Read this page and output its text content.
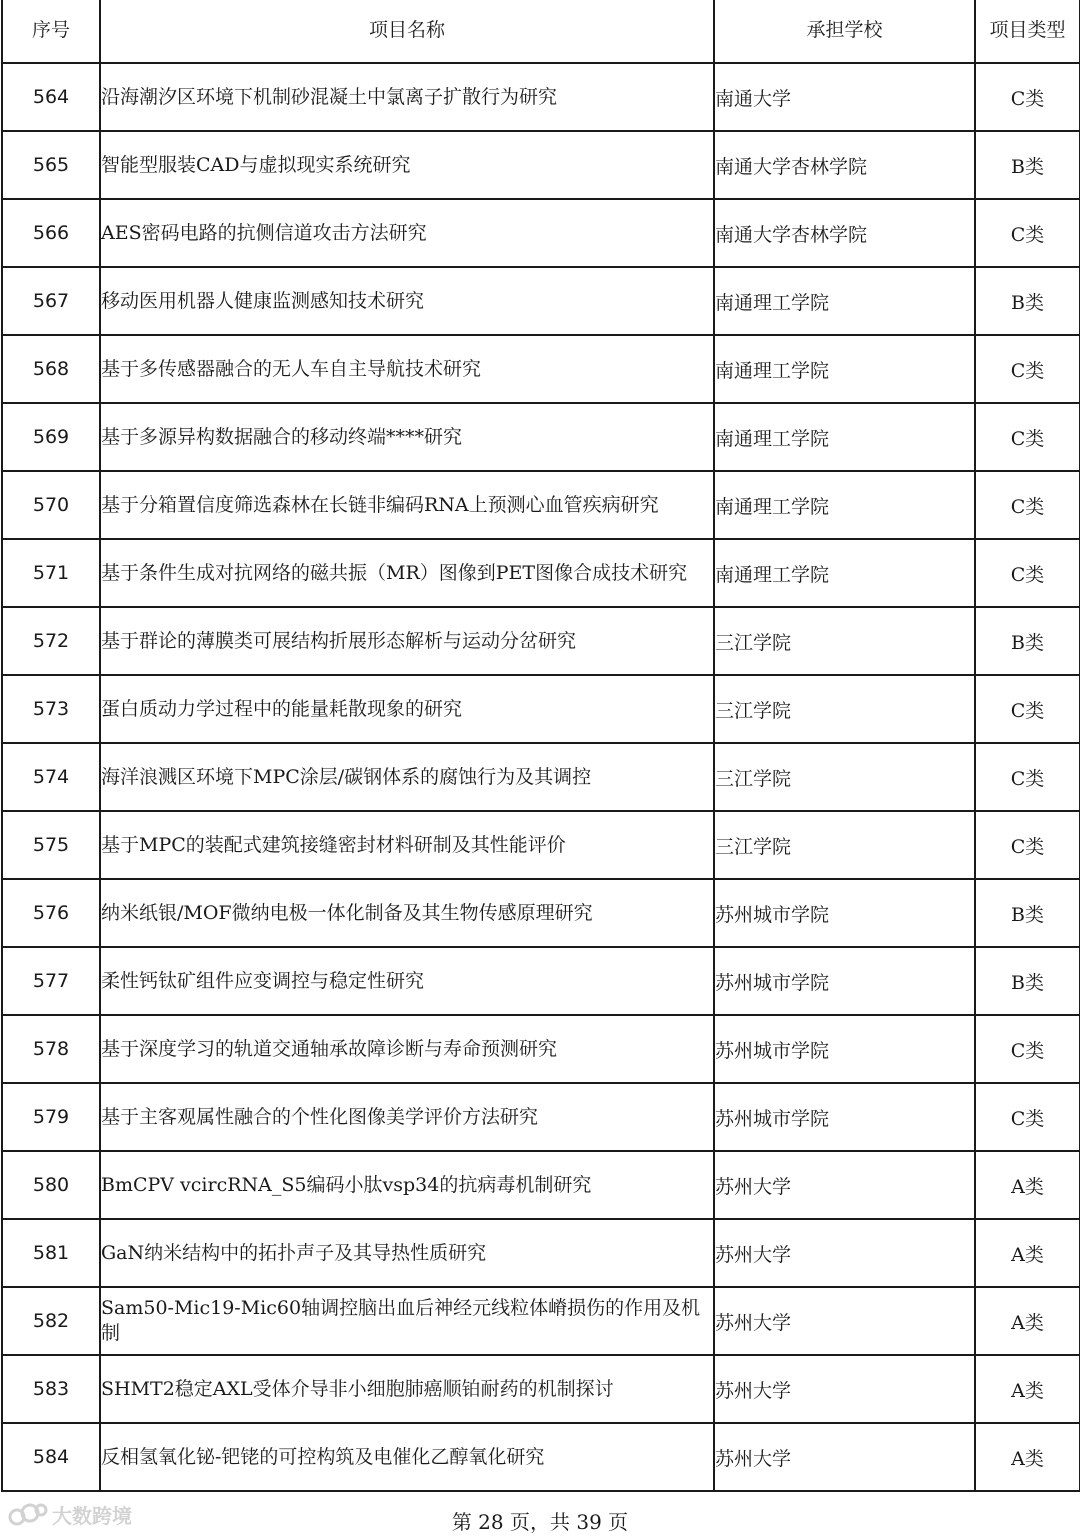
序号	项目名称	承担学校	项目类型
564	沿海潮汐区环境下机制砂混凝土中氯离子扩散行为研究	南通大学	C类
565	智能型服装CAD与虚拟现实系统研究	南通大学杏林学院	B类
566	AES密码电路的抗侧信道攻击方法研究	南通大学杏林学院	C类
567	移动医用机器人健康监测感知技术研究	南通理工学院	B类
568	基于多传感器融合的无人车自主导航技术研究	南通理工学院	C类
569	基于多源异构数据融合的移动终端****研究	南通理工学院	C类
570	基于分箱置信度筛选森林在长链非编码RNA上预测心血管疾病研究	南通理工学院	C类
571	基于条件生成对抗网络的磁共振（MR）图像到PET图像合成技术研究	南通理工学院	C类
572	基于群论的薄膜类可展结构折展形态解析与运动分岔研究	三江学院	B类
573	蛋白质动力学过程中的能量耗散现象的研究	三江学院	C类
574	海洋浪溅区环境下MPC涂层/碳钢体系的腐蚀行为及其调控	三江学院	C类
575	基于MPC的装配式建筑接缝密封材料研制及其性能评价	三江学院	C类
576	纳米纸银/MOF微纳电极一体化制备及其生物传感原理研究	苏州城市学院	B类
577	柔性钙钛矿组件应变调控与稳定性研究	苏州城市学院	B类
578	基于深度学习的轨道交通轴承故障诊断与寿命预测研究	苏州城市学院	C类
579	基于主客观属性融合的个性化图像美学评价方法研究	苏州城市学院	C类
580	BmCPV vcircRNA_S5编码小肽vsp34的抗病毒机制研究	苏州大学	A类
581	GaN纳米结构中的拓扑声子及其导热性质研究	苏州大学	A类
582	Sam50-Mic19-Mic60轴调控脑出血后神经元线粒体嵴损伤的作用及机制	苏州大学	A类
583	SHMT2稳定AXL受体介导非小细胞肺癌顺铂耐药的机制探讨	苏州大学	A类
584	反相氢氧化铋-钯铑的可控构筑及电催化乙醇氧化研究	苏州大学	A类
大数跨境	第 28 页，共 39 页
